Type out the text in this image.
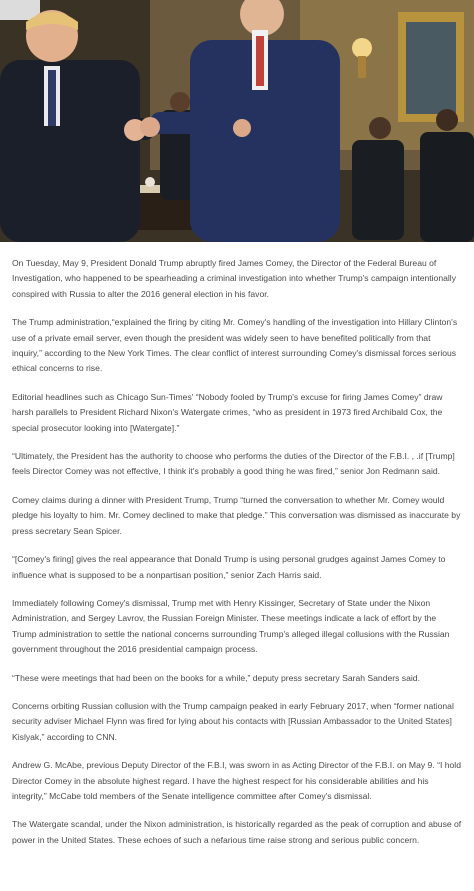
On Tuesday, May 9, President Donald Trump abruptly fired James Comey, the Director of the Federal Bureau of Investigation, who happened to be spearheading a criminal investigation into whether Trump's campaign intentionally conspired with Russia to alter the 2016 general election in his favor.

The Trump administration,“explained the firing by citing Mr. Comey's handling of the investigation into Hillary Clinton's use of a private email server, even though the president was widely seen to have benefited politically from that inquiry,” according to the New York Times. The clear conflict of interest surrounding Comey's dismissal forces serious ethical concerns to rise.

Editorial headlines such as Chicago Sun-Times' “Nobody fooled by Trump's excuse for firing James Comey” draw harsh parallels to President Richard Nixon's Watergate crimes, “who as president in 1973 fired Archibald Cox, the special prosecutor looking into [Watergate].”

“Ultimately, the President has the authority to choose who performs the duties of the Director of the F.B.I. , .if [Trump] feels Director Comey was not effective, I think it's probably a good thing he was fired,” senior Jon Redmann said.

Comey claims during a dinner with President Trump, Trump “turned the conversation to whether Mr. Comey would pledge his loyalty to him. Mr. Comey declined to make that pledge.” This conversation was dismissed as inaccurate by press secretary Sean Spicer.

“[Comey's firing] gives the real appearance that Donald Trump is using personal grudges against James Comey to influence what is supposed to be a nonpartisan position,” senior Zach Harris said.

Immediately following Comey's dismissal, Trump met with Henry Kissinger, Secretary of State under the Nixon Administration, and Sergey Lavrov, the Russian Foreign Minister. These meetings indicate a lack of effort by the Trump administration to settle the national concerns surrounding Trump's alleged illegal collusions with the Russian government throughout the 2016 presidential campaign process.

“These were meetings that had been on the books for a while,” deputy press secretary Sarah Sanders said.

Concerns orbiting Russian collusion with the Trump campaign peaked in early February 2017, when “former national security adviser Michael Flynn was fired for lying about his contacts with [Russian Ambassador to the United States] Kislyak,” according to CNN.

Andrew G. McAbe, previous Deputy Director of the F.B.I, was sworn in as Acting Director of the F.B.I. on May 9. “I hold Director Comey in the absolute highest regard. I have the highest respect for his considerable abilities and his integrity,” McCabe told members of the Senate intelligence committee after Comey's dismissal.

The Watergate scandal, under the Nixon administration, is historically regarded as the peak of corruption and abuse of power in the United States. These echoes of such a nefarious time raise strong and serious public concern.
